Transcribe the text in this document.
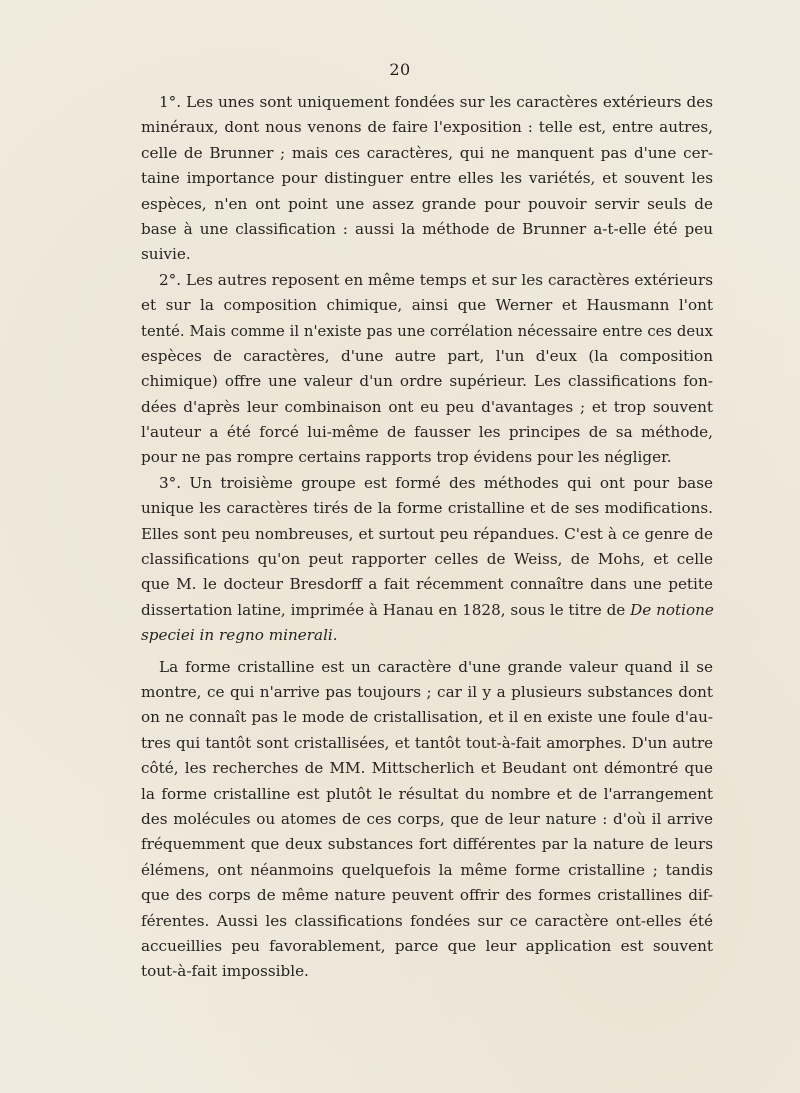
20

1°. Les unes sont uniquement fondées sur les caractères extérieurs des

minéraux, dont nous venons de faire l'exposition : telle est, entre autres,

celle de Brunner ; mais ces caractères, qui ne manquent pas d'une cer-

taine importance pour distinguer entre elles les variétés, et souvent les

espèces, n'en ont point une assez grande pour pouvoir servir seuls de

base à une classification : aussi la méthode de Brunner a-t-elle été peu

suivie.

2°. Les autres reposent en même temps et sur les caractères extérieurs

et sur la composition chimique, ainsi que Werner et Hausmann l'ont

tenté. Mais comme il n'existe pas une corrélation nécessaire entre ces deux

espèces de caractères, d'une autre part, l'un d'eux (la composition

chimique) offre une valeur d'un ordre supérieur. Les classifications fon-

dées d'après leur combinaison ont eu peu d'avantages ; et trop souvent

l'auteur a été forcé lui-même de fausser les principes de sa méthode,

pour ne pas rompre certains rapports trop évidens pour les négliger.

3°. Un troisième groupe est formé des méthodes qui ont pour base

unique les caractères tirés de la forme cristalline et de ses modifications.

Elles sont peu nombreuses, et surtout peu répandues. C'est à ce genre de

classifications qu'on peut rapporter celles de Weiss, de Mohs, et celle

que M. le docteur Bresdorff a fait récemment connaître dans une petite

dissertation latine, imprimée à Hanau en 1828, sous le titre de De notione

speciei in regno minerali.

La forme cristalline est un caractère d'une grande valeur quand il se

montre, ce qui n'arrive pas toujours ; car il y a plusieurs substances dont

on ne connaît pas le mode de cristallisation, et il en existe une foule d'au-

tres qui tantôt sont cristallisées, et tantôt tout-à-fait amorphes. D'un autre

côté, les recherches de MM. Mittscherlich et Beudant ont démontré que

la forme cristalline est plutôt le résultat du nombre et de l'arrangement

des molécules ou atomes de ces corps, que de leur nature : d'où il arrive

fréquemment que deux substances fort différentes par la nature de leurs

élémens, ont néanmoins quelquefois la même forme cristalline ; tandis

que des corps de même nature peuvent offrir des formes cristallines dif-

férentes. Aussi les classifications fondées sur ce caractère ont-elles été

accueillies peu favorablement, parce que leur application est souvent

tout-à-fait impossible.
